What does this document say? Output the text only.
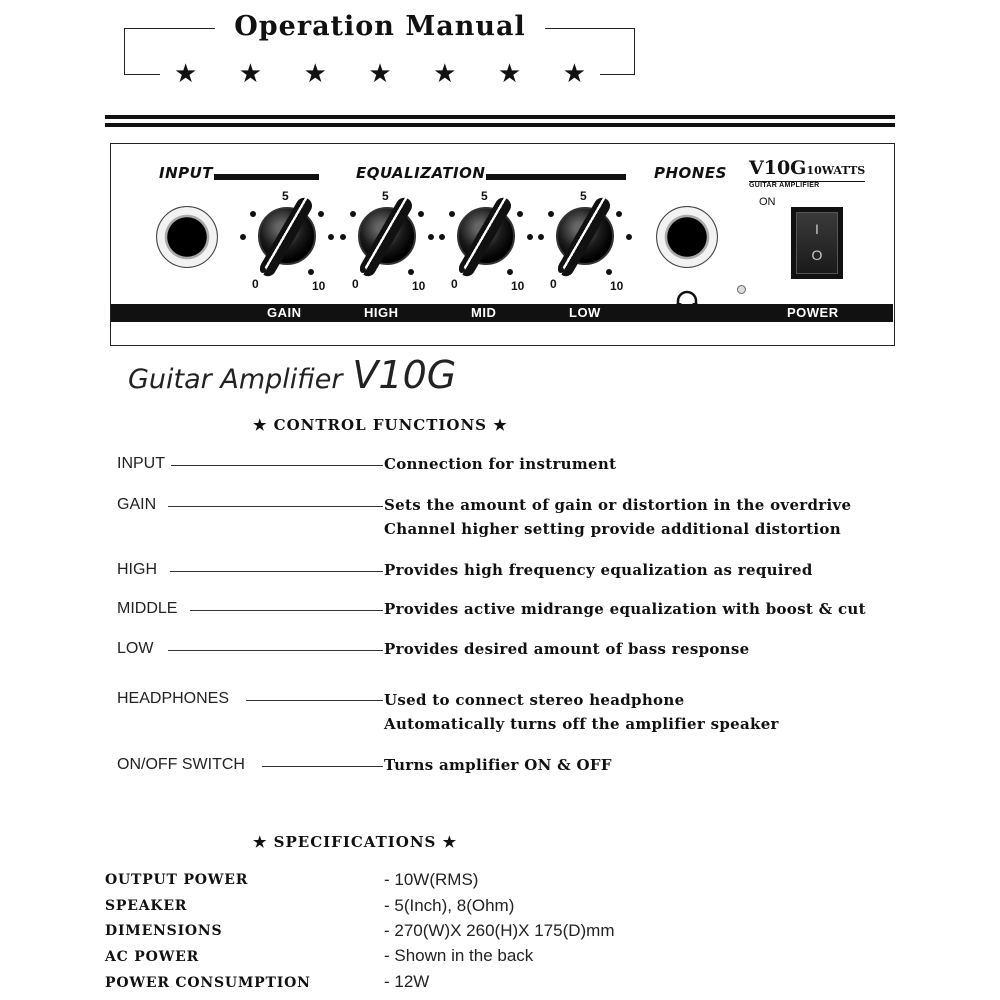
Operation Manual
★ ★ ★ ★ ★ ★ ★
INPUT	EQUALIZATION	PHONES V10G10WATTS
GUITAR AMPLIFIER
ON
5
0	10
5
0	10
5
0	10
5
0	10
I
O
GAIN	HIGH	MID	LOW	POWER
Guitar Amplifier V10G
★ CONTROL FUNCTIONS ★
INPUT	Connection for instrument
GAIN	Sets the amount of gain or distortion in the overdrive
Channel higher setting provide additional distortion
HIGH	Provides high frequency equalization as required
MIDDLE	Provides active midrange equalization with boost & cut
LOW	Provides desired amount of bass response
HEADPHONES	Used to connect stereo headphone
Automatically turns off the amplifier speaker
ON/OFF SWITCH	Turns amplifier ON & OFF
★ SPECIFICATIONS ★
OUTPUT POWER	- 10W(RMS)
SPEAKER	- 5(Inch), 8(Ohm)
DIMENSIONS	- 270(W)X 260(H)X 175(D)mm
AC POWER	- Shown in the back
POWER CONSUMPTION	- 12W
